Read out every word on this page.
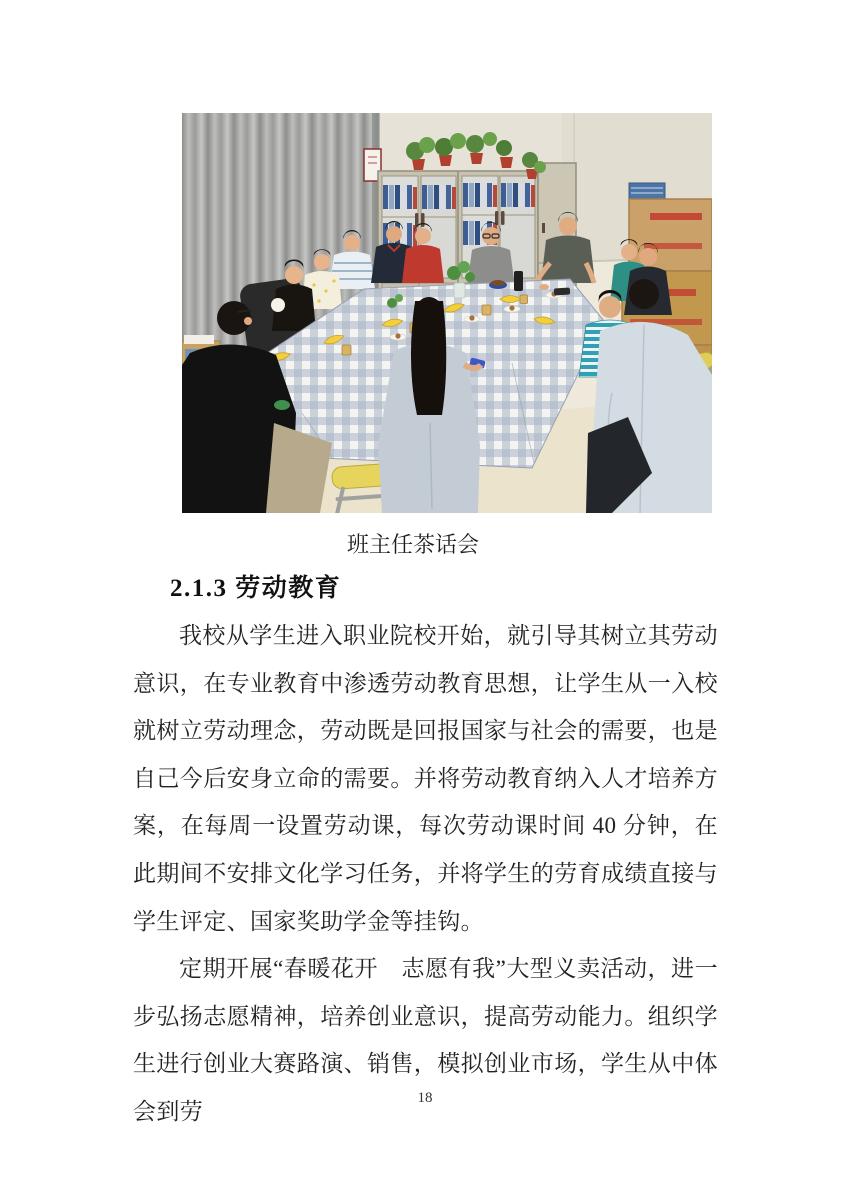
班主任茶话会
2.1.3 劳动教育

我校从学生进入职业院校开始，就引导其树立其劳动意识，在专业教育中渗透劳动教育思想，让学生从一入校就树立劳动理念，劳动既是回报国家与社会的需要，也是自己今后安身立命的需要。并将劳动教育纳入人才培养方案，在每周一设置劳动课，每次劳动课时间 40 分钟，在此期间不安排文化学习任务，并将学生的劳育成绩直接与学生评定、国家奖助学金等挂钩。

定期开展“春暖花开　志愿有我”大型义卖活动，进一步弘扬志愿精神，培养创业意识，提高劳动能力。组织学生进行创业大赛路演、销售，模拟创业市场，学生从中体会到劳

18
